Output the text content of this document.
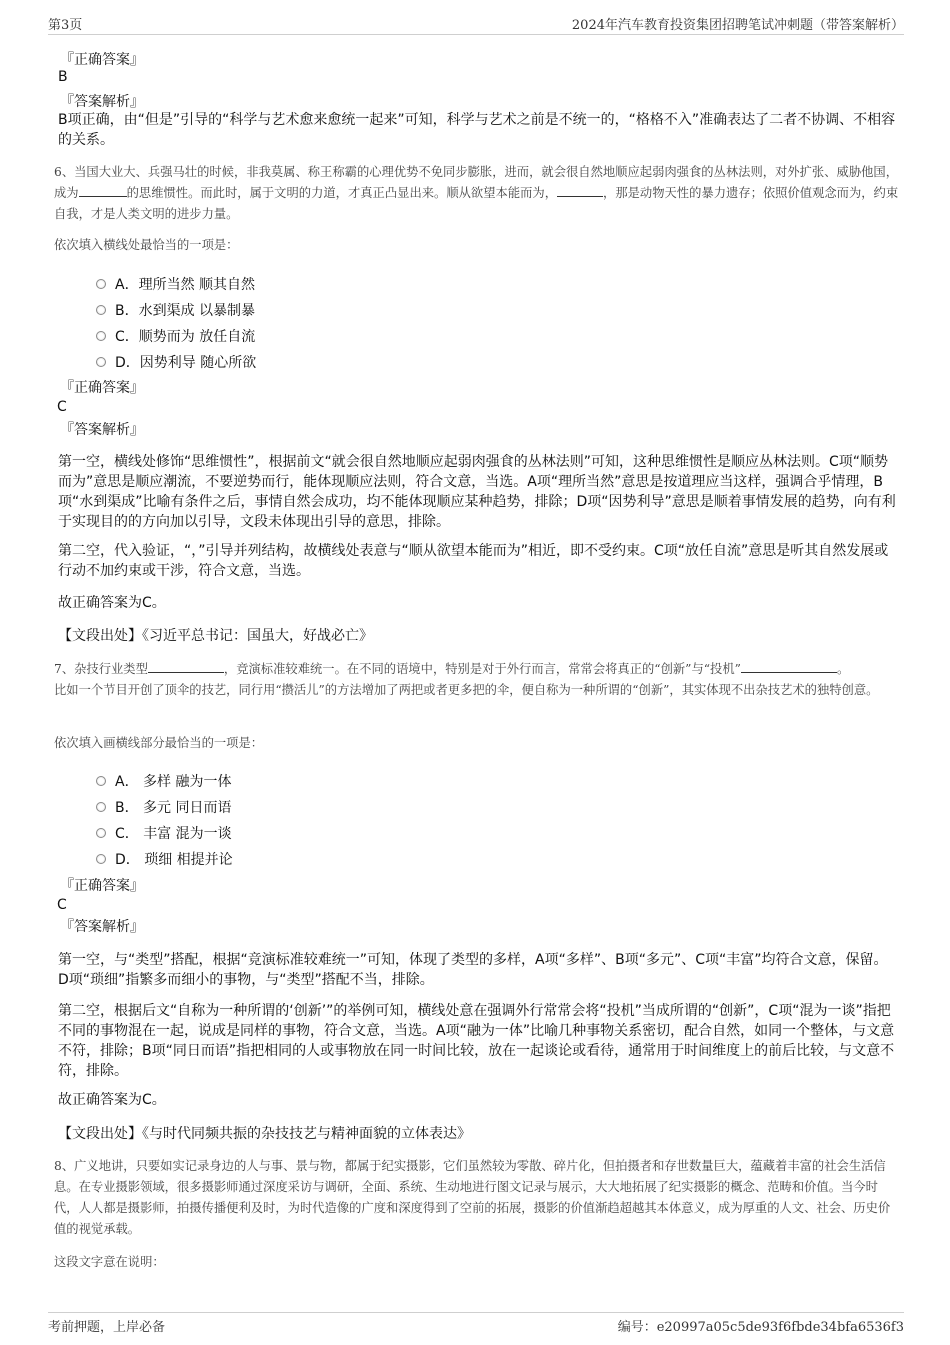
第3页	2024年汽车教育投资集团招聘笔试冲刺题（带答案解析）
『正确答案』
B
『答案解析』
B项正确，由“但是”引导的“科学与艺术愈来愈统一起来”可知，科学与艺术之前是不统一的，“格格不入”准确表达了二者不协调、不相容的关系。
6、当国大业大、兵强马壮的时候，非我莫属、称王称霸的心理优势不免同步膨胀，进而，就会很自然地顺应起弱肉强食的丛林法则，对外扩张、威胁他国，成为	的思维惯性。而此时，属于文明的力道，才真正凸显出来。顺从欲望本能而为，	，那是动物天性的暴力遗存；依照价值观念而为，约束自我，才是人类文明的进步力量。
依次填入横线处最恰当的一项是：
A．理所当然 顺其自然
B．水到渠成 以暴制暴
C．顺势而为 放任自流
D．因势利导 随心所欲
『正确答案』
C
『答案解析』
第一空，横线处修饰“思维惯性”，根据前文“就会很自然地顺应起弱肉强食的丛林法则”可知，这种思维惯性是顺应丛林法则。C项“顺势而为”意思是顺应潮流，不要逆势而行，能体现顺应法则，符合文意，当选。A项“理所当然”意思是按道理应当这样，强调合乎情理，B项“水到渠成”比喻有条件之后，事情自然会成功，均不能体现顺应某种趋势，排除；D项“因势利导”意思是顺着事情发展的趋势，向有利于实现目的的方向加以引导，文段未体现出引导的意思，排除。
第二空，代入验证，“，”引导并列结构，故横线处表意与“顺从欲望本能而为”相近，即不受约束。C项“放任自流”意思是听其自然发展或行动不加约束或干涉，符合文意，当选。
故正确答案为C。
【文段出处】《习近平总书记：国虽大，好战必亡》
7、杂技行业类型	，竞演标准较难统一。在不同的语境中，特别是对于外行而言，常常会将真正的“创新”与“投机”	。
比如一个节目开创了顶伞的技艺，同行用“攒活儿”的方法增加了两把或者更多把的伞，便自称为一种所谓的“创新”，其实体现不出杂技艺术的独特创意。
依次填入画横线部分最恰当的一项是：
A． 多样 融为一体
B． 多元 同日而语
C． 丰富 混为一谈
D． 琐细 相提并论
『正确答案』
C
『答案解析』
第一空，与“类型”搭配，根据“竞演标准较难统一”可知，体现了类型的多样，A项“多样”、B项“多元”、C项“丰富”均符合文意，保留。D项“琐细”指繁多而细小的事物，与“类型”搭配不当，排除。
第二空，根据后文“自称为一种所谓的‘创新’”的举例可知，横线处意在强调外行常常会将“投机”当成所谓的“创新”，C项“混为一谈”指把不同的事物混在一起，说成是同样的事物，符合文意，当选。A项“融为一体”比喻几种事物关系密切，配合自然，如同一个整体，与文意不符，排除；B项“同日而语”指把相同的人或事物放在同一时间比较，放在一起谈论或看待，通常用于时间维度上的前后比较，与文意不符，排除。
故正确答案为C。
【文段出处】《与时代同频共振的杂技技艺与精神面貌的立体表达》
8、广义地讲，只要如实记录身边的人与事、景与物，都属于纪实摄影，它们虽然较为零散、碎片化，但拍摄者和存世数量巨大，蕴藏着丰富的社会生活信息。在专业摄影领域，很多摄影师通过深度采访与调研，全面、系统、生动地进行图文记录与展示，大大地拓展了纪实摄影的概念、范畴和价值。当今时代，人人都是摄影师，拍摄传播便利及时，为时代造像的广度和深度得到了空前的拓展，摄影的价值渐趋超越其本体意义，成为厚重的人文、社会、历史价值的视觉承载。
这段文字意在说明：
考前押题，上岸必备	编号：e20997a05c5de93f6fbde34bfa6536f3
